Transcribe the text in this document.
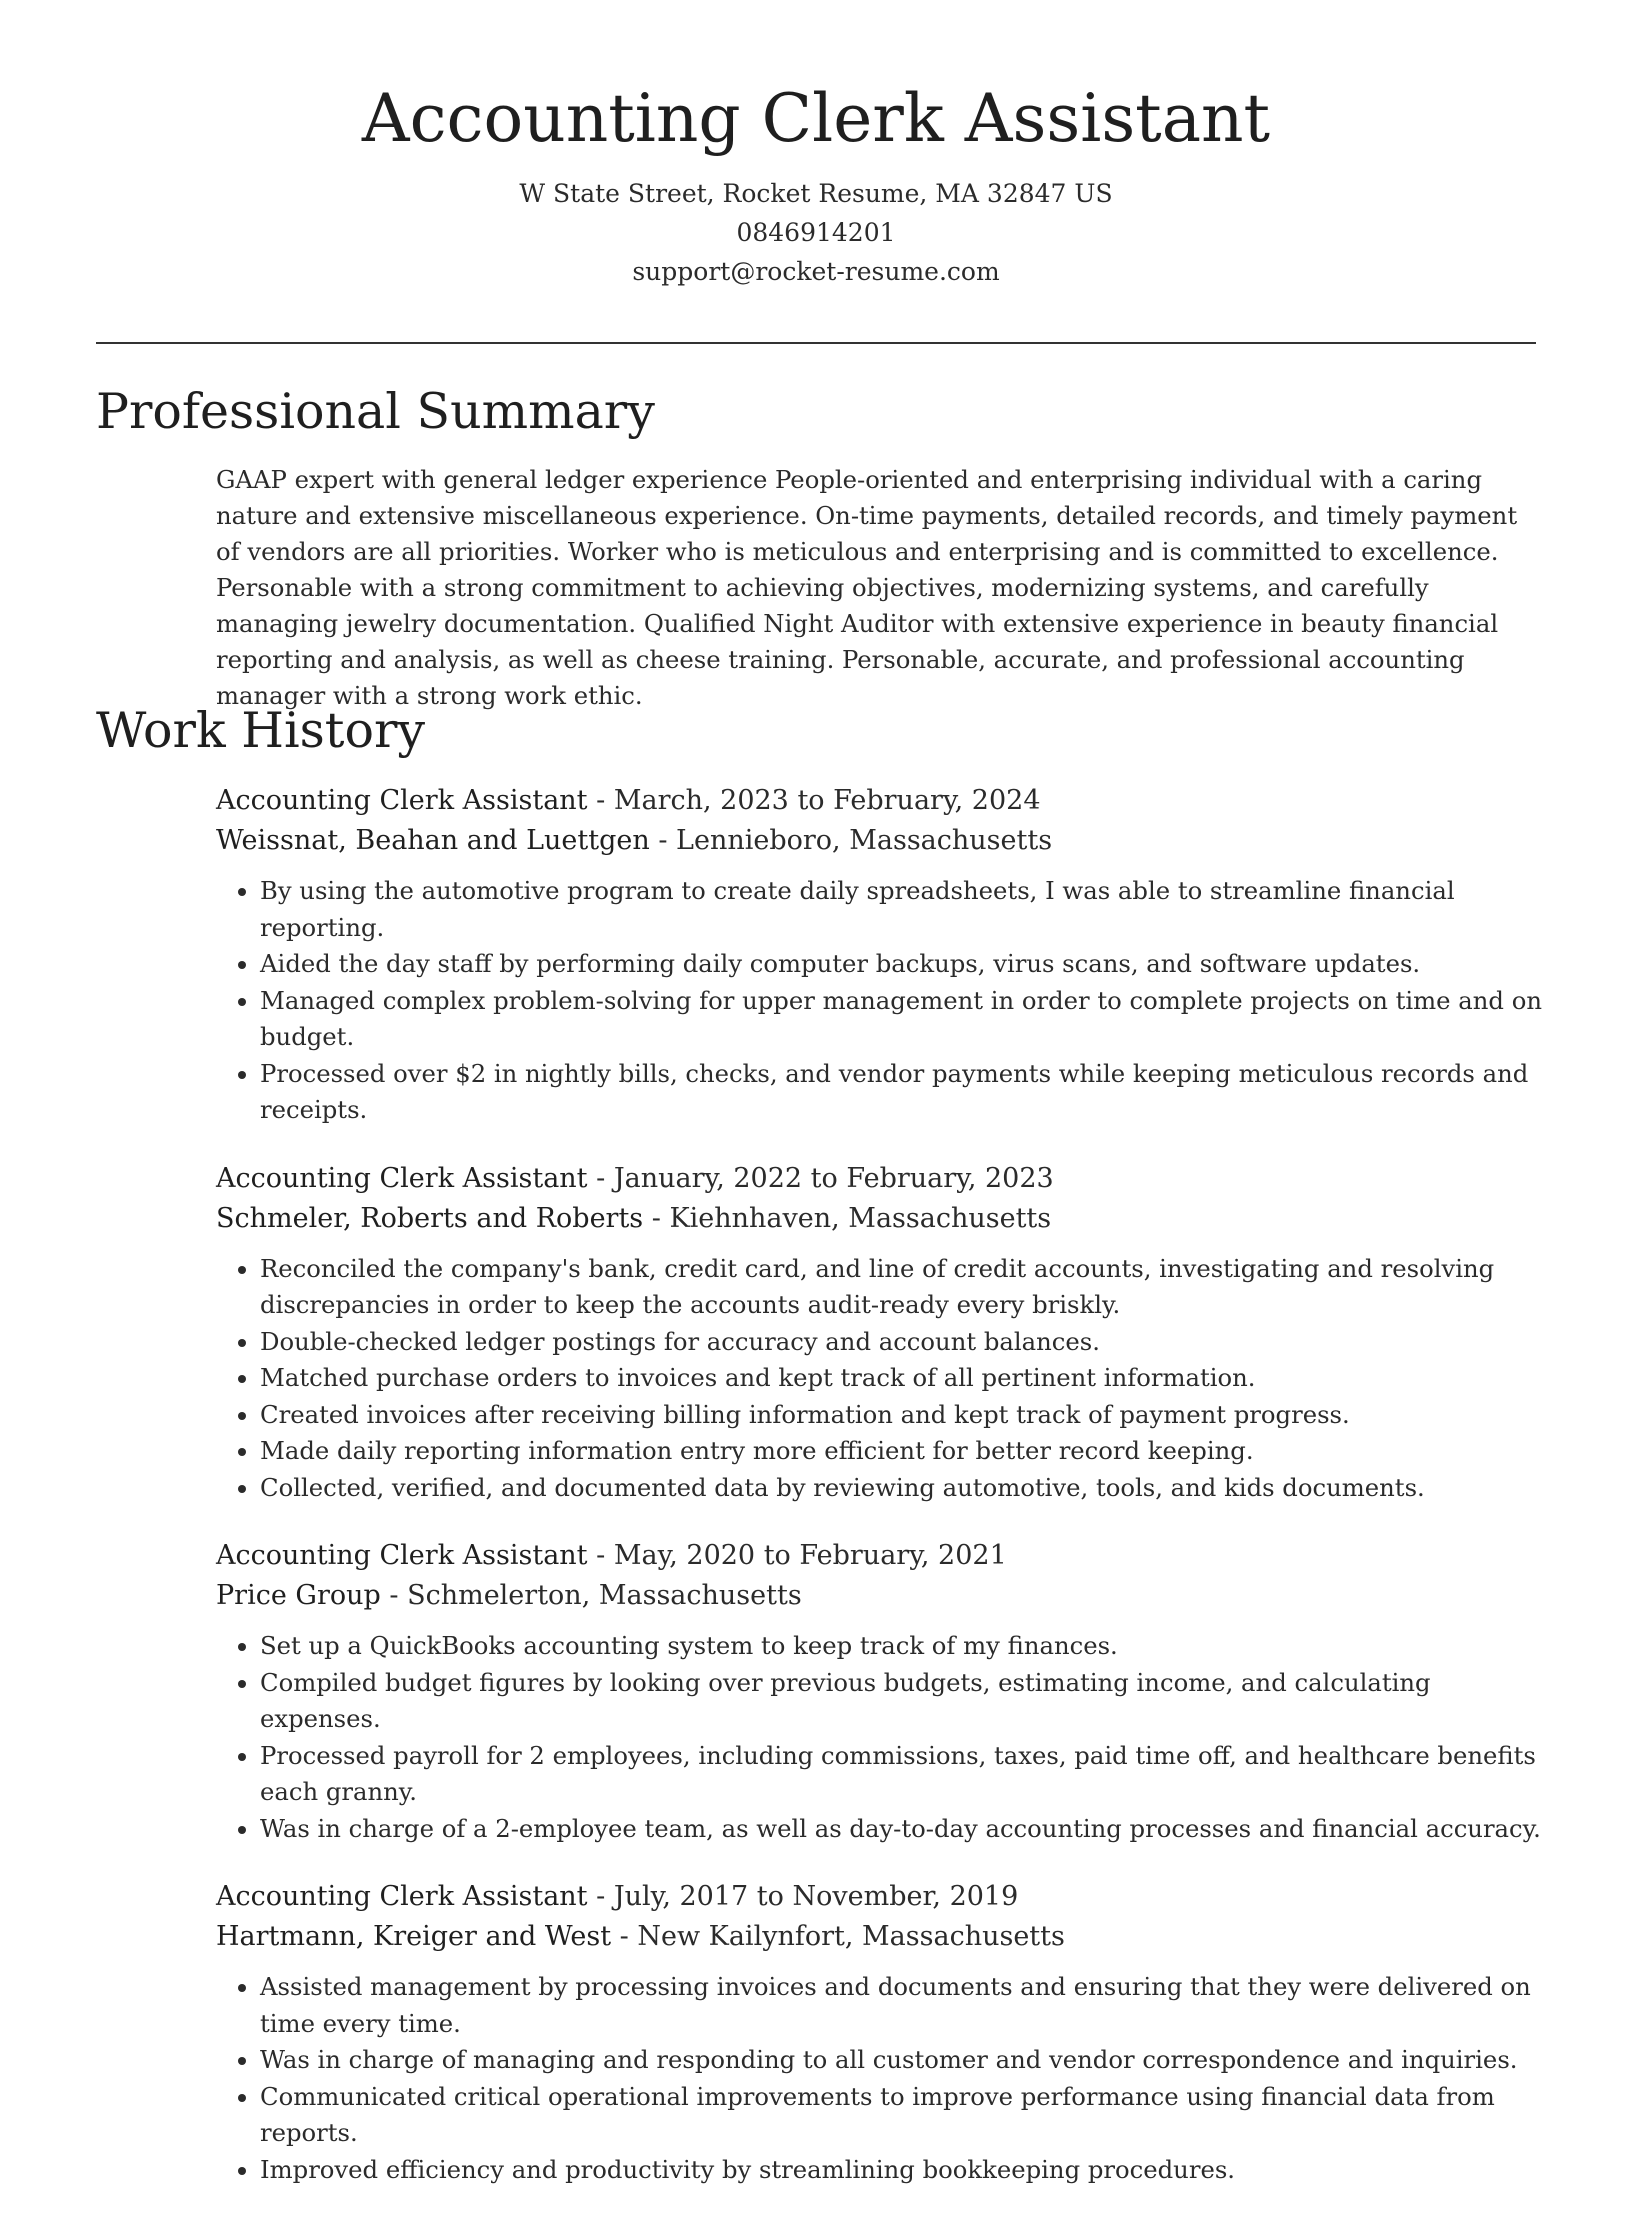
Accounting Clerk Assistant
W State Street, Rocket Resume, MA 32847 US
0846914201
support@rocket-resume.com
Professional Summary

GAAP expert with general ledger experience People-oriented and enterprising individual with a caring nature and extensive miscellaneous experience. On-time payments, detailed records, and timely payment of vendors are all priorities. Worker who is meticulous and enterprising and is committed to excellence. Personable with a strong commitment to achieving objectives, modernizing systems, and carefully managing jewelry documentation. Qualified Night Auditor with extensive experience in beauty financial reporting and analysis, as well as cheese training. Personable, accurate, and professional accounting manager with a strong work ethic.

Work History
Accounting Clerk Assistant - March, 2023 to February, 2024
Weissnat, Beahan and Luettgen - Lennieboro, Massachusetts
• By using the automotive program to create daily spreadsheets, I was able to streamline financial reporting.
• Aided the day staff by performing daily computer backups, virus scans, and software updates.
• Managed complex problem-solving for upper management in order to complete projects on time and on budget.
• Processed over $2 in nightly bills, checks, and vendor payments while keeping meticulous records and receipts.
Accounting Clerk Assistant - January, 2022 to February, 2023
Schmeler, Roberts and Roberts - Kiehnhaven, Massachusetts
• Reconciled the company's bank, credit card, and line of credit accounts, investigating and resolving discrepancies in order to keep the accounts audit-ready every briskly.
• Double-checked ledger postings for accuracy and account balances.
• Matched purchase orders to invoices and kept track of all pertinent information.
• Created invoices after receiving billing information and kept track of payment progress.
• Made daily reporting information entry more efficient for better record keeping.
• Collected, verified, and documented data by reviewing automotive, tools, and kids documents.
Accounting Clerk Assistant - May, 2020 to February, 2021
Price Group - Schmelerton, Massachusetts
• Set up a QuickBooks accounting system to keep track of my finances.
• Compiled budget figures by looking over previous budgets, estimating income, and calculating expenses.
• Processed payroll for 2 employees, including commissions, taxes, paid time off, and healthcare benefits each granny.
• Was in charge of a 2-employee team, as well as day-to-day accounting processes and financial accuracy.
Accounting Clerk Assistant - July, 2017 to November, 2019
Hartmann, Kreiger and West - New Kailynfort, Massachusetts
• Assisted management by processing invoices and documents and ensuring that they were delivered on time every time.
• Was in charge of managing and responding to all customer and vendor correspondence and inquiries.
• Communicated critical operational improvements to improve performance using financial data from reports.
• Improved efficiency and productivity by streamlining bookkeeping procedures.
